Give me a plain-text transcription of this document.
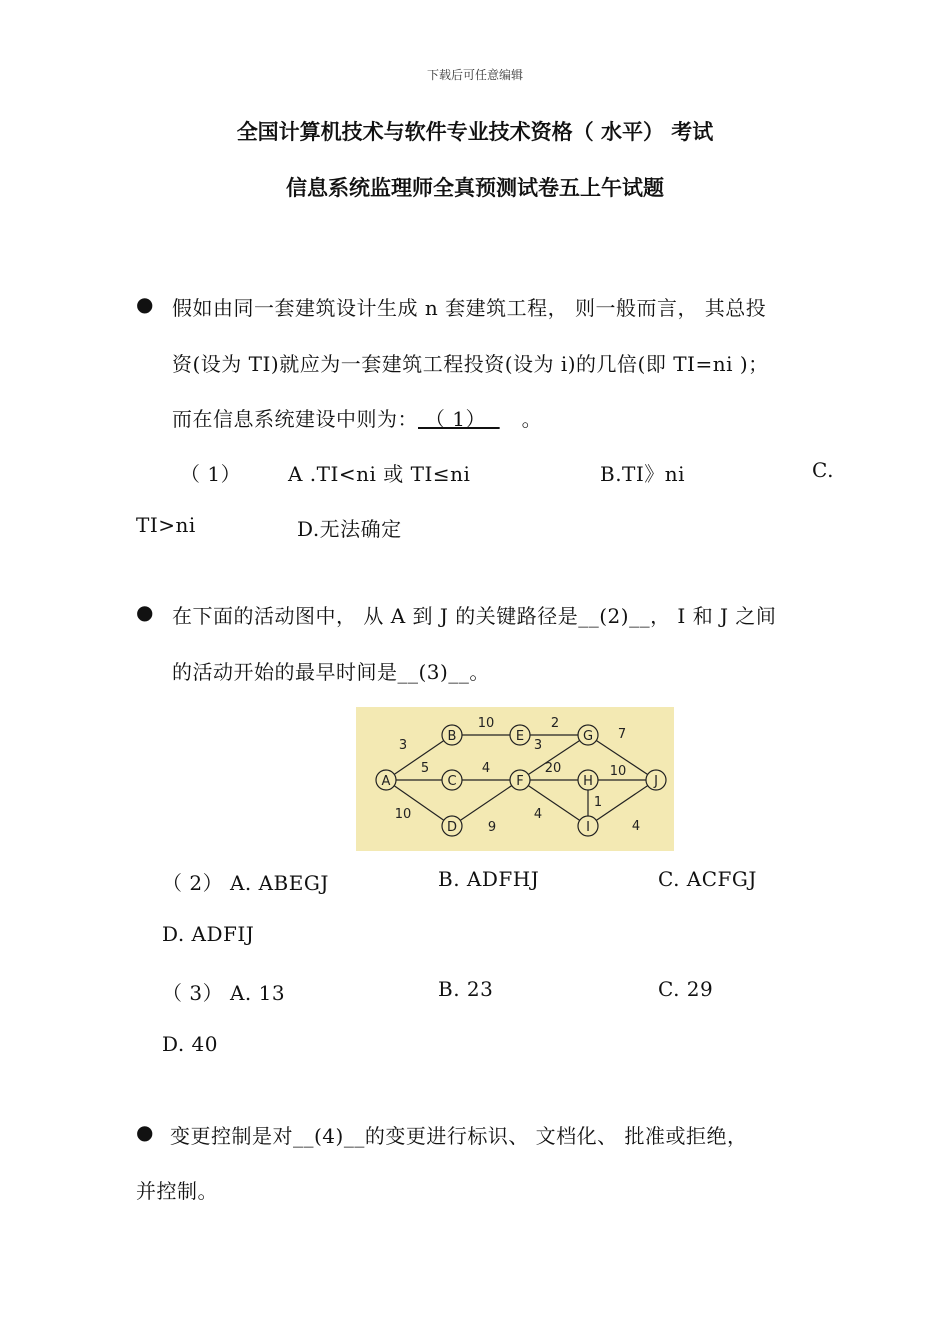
下载后可任意编辑
全国计算机技术与软件专业技术资格（ 水平） 考试
信息系统监理师全真预测试卷五上午试题
● 假如由同一套建筑设计生成 n 套建筑工程， 则一般而言， 其总投
资(设为 TI)就应为一套建筑工程投资(设为 i)的几倍(即 TI=ni )；
而在信息系统建设中则为： （ 1）  。
（ 1） A .TI<ni 或 TI≤ni	B.TI》ni	C.
TI>ni	D.无法确定
● 在下面的活动图中， 从 A 到 J 的关键路径是__(2)__， I 和 J 之间
的活动开始的最早时间是__(3)__。
3
5
10
10	2
3
4
9
20
4
7
10
1
4
A
B
C
D
E
F
G
H
I
J
（ 2） A. ABEGJ	B. ADFHJ	C. ACFGJ
D. ADFIJ
（ 3） A. 13	B. 23	C. 29
D. 40
● 变更控制是对__(4)__的变更进行标识、 文档化、 批准或拒绝，
并控制。
